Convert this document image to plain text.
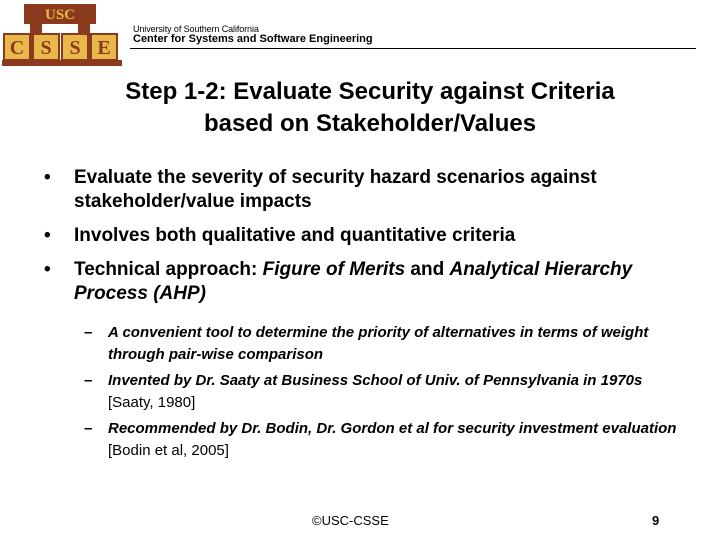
USC
C S S E
University of Southern California
Center for Systems and Software Engineering
Step 1-2: Evaluate Security against Criteria
based on Stakeholder/Values
• Evaluate the severity of security hazard scenarios against stakeholder/value impacts
• Involves both qualitative and quantitative criteria
• Technical approach: Figure of Merits and Analytical Hierarchy Process (AHP)
– A convenient tool to determine the priority of alternatives in terms of weight through pair-wise comparison
– Invented by Dr. Saaty at Business School of Univ. of Pennsylvania in 1970s [Saaty, 1980]
– Recommended by Dr. Bodin, Dr. Gordon et al for security investment evaluation [Bodin et al, 2005]
©USC-CSSE	9
